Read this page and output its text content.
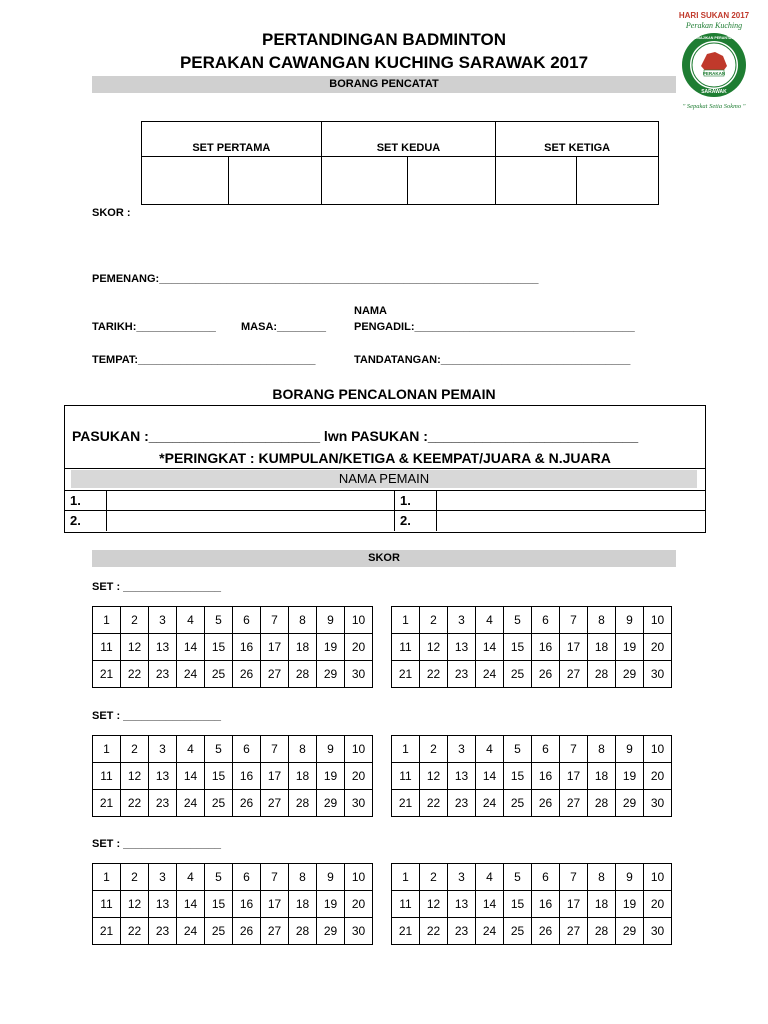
HARI SUKAN 2017
Perakan Kuching
PERAKAN
SARAWAK
PERSATUAN KEBAJIKAN PERANTAUAN MALAYSIA
" Sepakat Setia Sokmo "
PERTANDINGAN BADMINTON
PERAKAN CAWANGAN KUCHING SARAWAK 2017
BORANG PENCATAT
SET PERTAMA		SET KEDUA		SET KETIGA	

SKOR :
PEMENANG:______________________________________________________________
NAMA
TARIKH:_____________ MASA:________	PENGADIL:____________________________________
TEMPAT:_____________________________	TANDATANGAN:_______________________________
BORANG PENCALONAN PEMAIN
PASUKAN :______________________ lwn PASUKAN :___________________________
*PERINGKAT : KUMPULAN/KETIGA & KEEMPAT/JUARA & N.JUARA
NAMA PEMAIN
1.		1.	
2.		2.	
SKOR
SET : ________________
SET : ________________
SET : ________________
1	2	3	4	5	6	7	8	9	10
11	12	13	14	15	16	17	18	19	20
21	22	23	24	25	26	27	28	29	30
1	2	3	4	5	6	7	8	9	10
11	12	13	14	15	16	17	18	19	20
21	22	23	24	25	26	27	28	29	30
1	2	3	4	5	6	7	8	9	10
11	12	13	14	15	16	17	18	19	20
21	22	23	24	25	26	27	28	29	30
1	2	3	4	5	6	7	8	9	10
11	12	13	14	15	16	17	18	19	20
21	22	23	24	25	26	27	28	29	30
1	2	3	4	5	6	7	8	9	10
11	12	13	14	15	16	17	18	19	20
21	22	23	24	25	26	27	28	29	30
1	2	3	4	5	6	7	8	9	10
11	12	13	14	15	16	17	18	19	20
21	22	23	24	25	26	27	28	29	30
